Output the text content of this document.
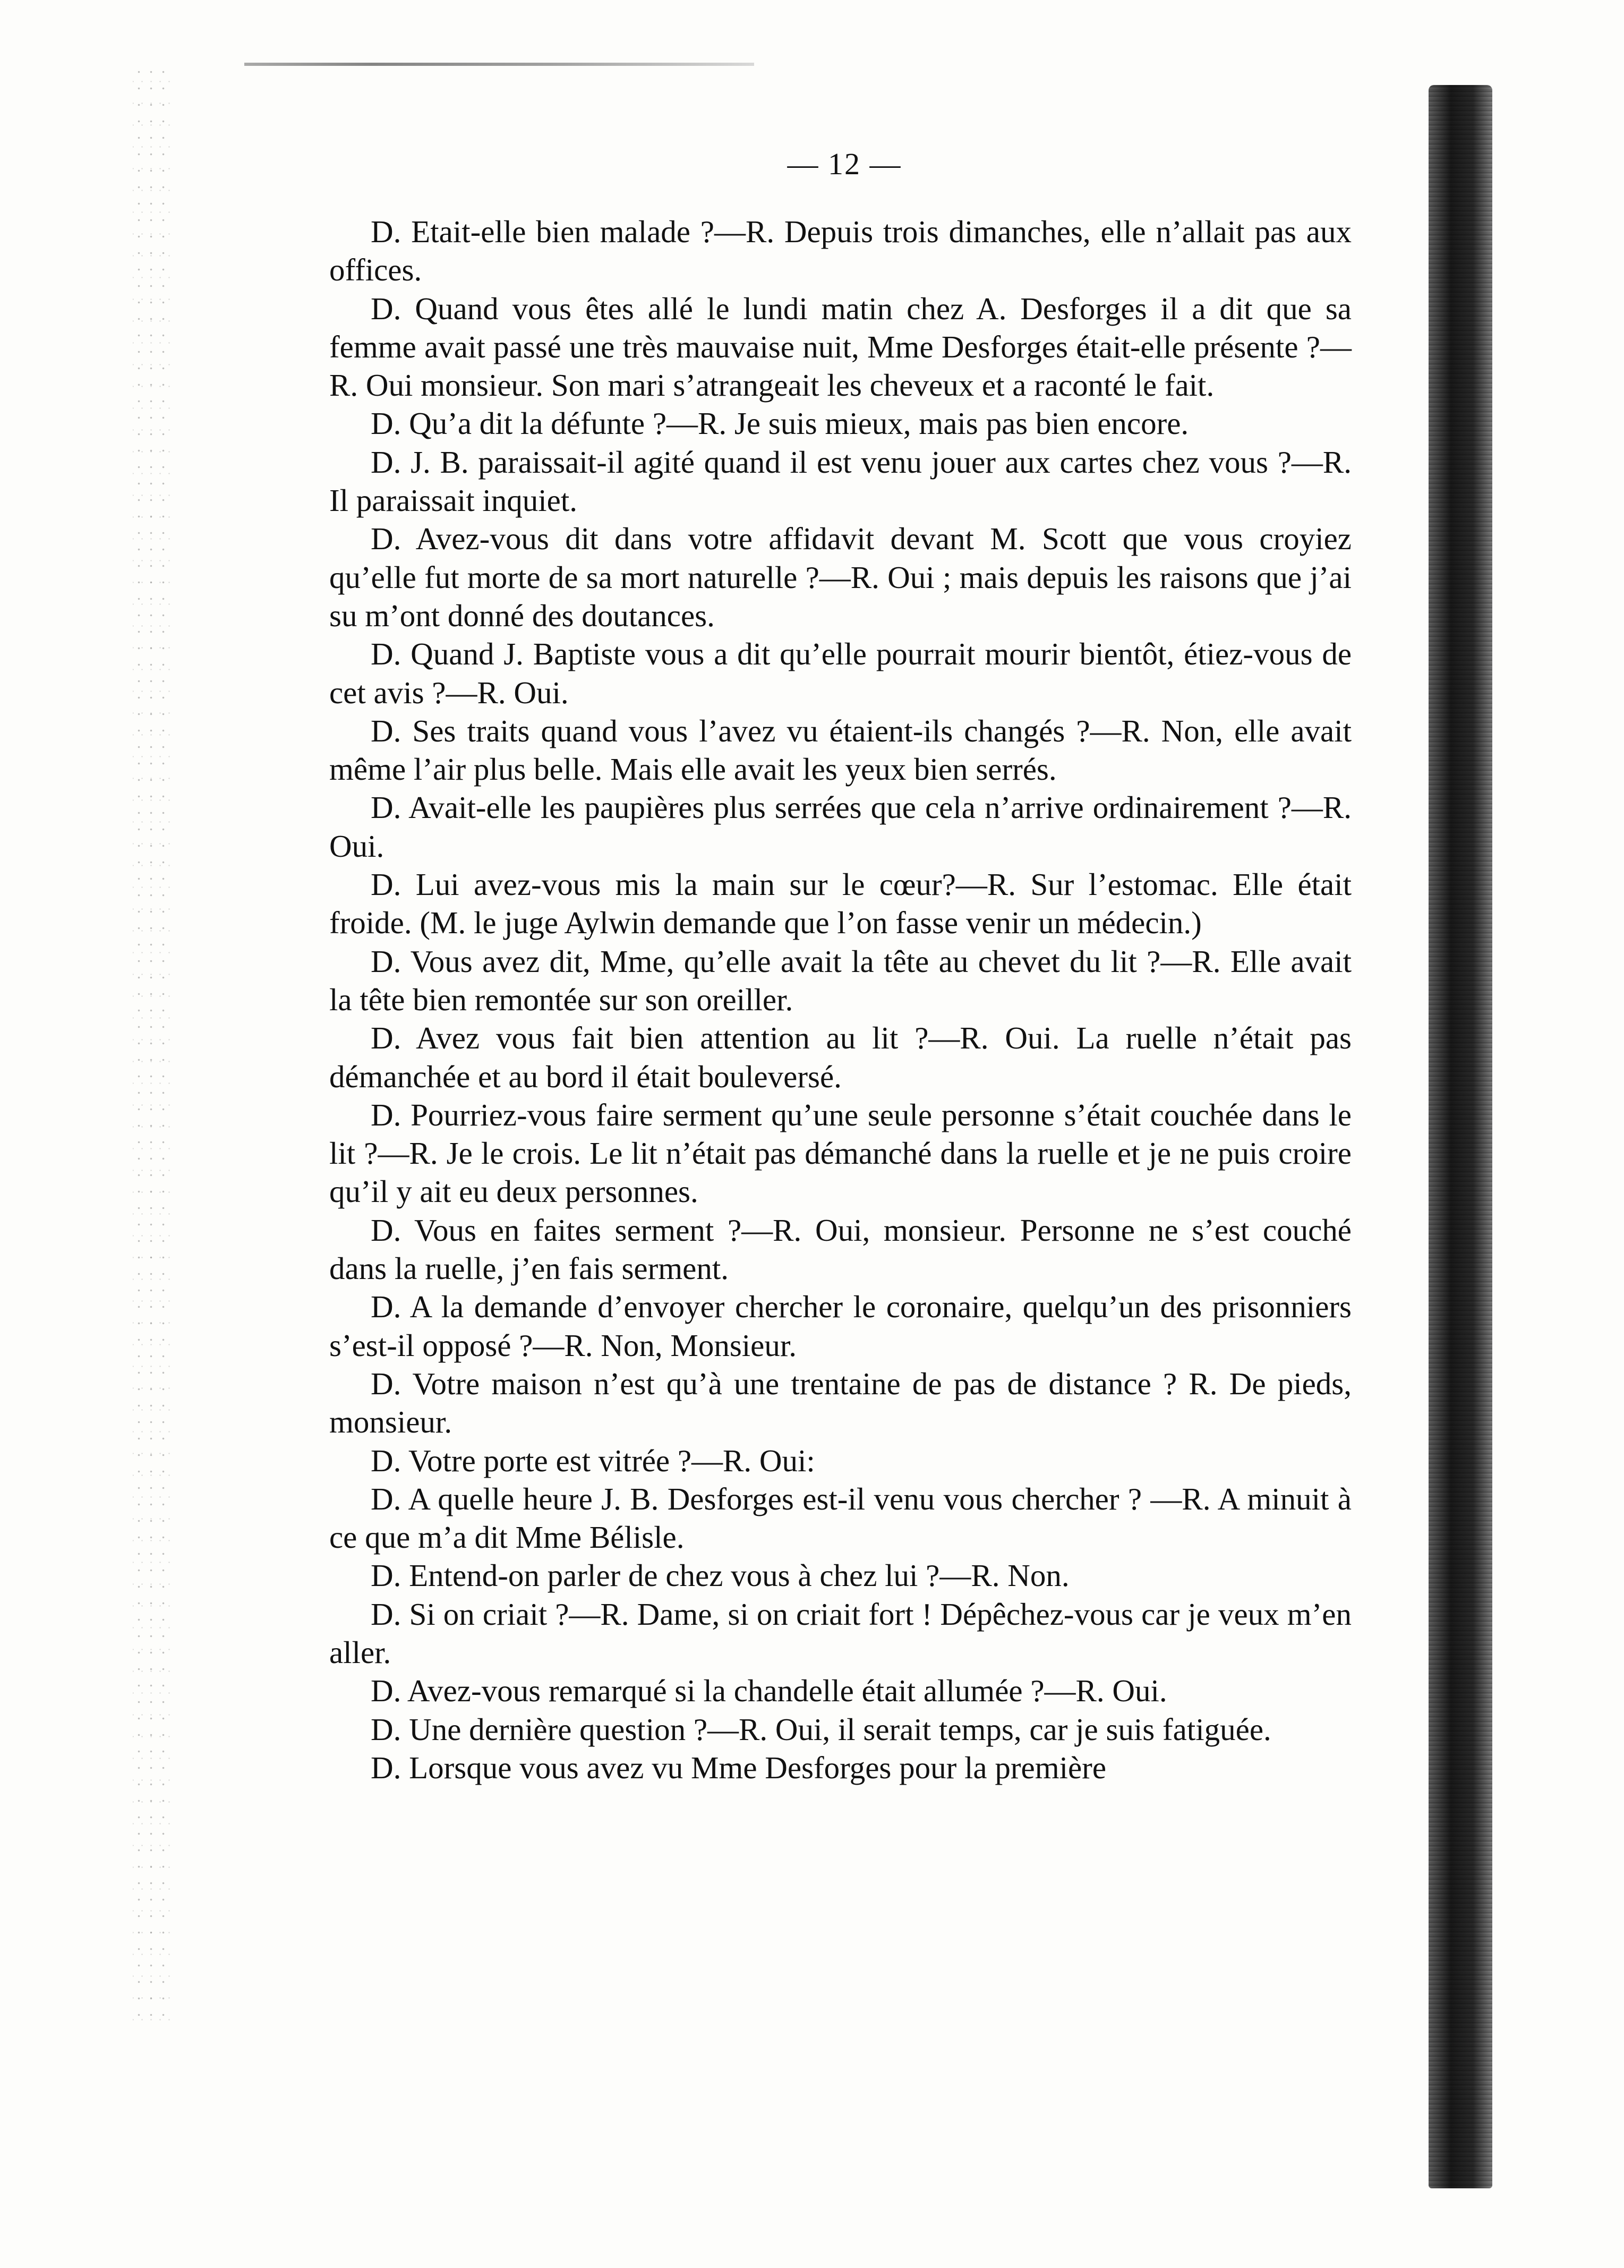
— 12 —

D. Etait-elle bien malade ?—R. Depuis trois dimanches, elle n’allait pas aux offices.

D. Quand vous êtes allé le lundi matin chez A. Desforges il a dit que sa femme avait passé une très mauvaise nuit, Mme Desforges était-elle présente ?—R. Oui monsieur. Son mari s’atrangeait les cheveux et a raconté le fait.

D. Qu’a dit la défunte ?—R. Je suis mieux, mais pas bien encore.

D. J. B. paraissait-il agité quand il est venu jouer aux cartes chez vous ?—R. Il paraissait inquiet.

D. Avez-vous dit dans votre affidavit devant M. Scott que vous croyiez qu’elle fut morte de sa mort naturelle ?—R. Oui ; mais depuis les raisons que j’ai su m’ont donné des doutances.

D. Quand J. Baptiste vous a dit qu’elle pourrait mourir bientôt, étiez-vous de cet avis ?—R. Oui.

D. Ses traits quand vous l’avez vu étaient-ils changés ?—R. Non, elle avait même l’air plus belle. Mais elle avait les yeux bien serrés.

D. Avait-elle les paupières plus serrées que cela n’arrive ordinairement ?—R. Oui.

D. Lui avez-vous mis la main sur le cœur?—R. Sur l’estomac. Elle était froide. (M. le juge Aylwin demande que l’on fasse venir un médecin.)

D. Vous avez dit, Mme, qu’elle avait la tête au chevet du lit ?—R. Elle avait la tête bien remontée sur son oreiller.

D. Avez vous fait bien attention au lit ?—R. Oui. La ruelle n’était pas démanchée et au bord il était bouleversé.

D. Pourriez-vous faire serment qu’une seule personne s’était couchée dans le lit ?—R. Je le crois. Le lit n’était pas démanché dans la ruelle et je ne puis croire qu’il y ait eu deux personnes.

D. Vous en faites serment ?—R. Oui, monsieur. Personne ne s’est couché dans la ruelle, j’en fais serment.

D. A la demande d’envoyer chercher le coronaire, quelqu’un des prisonniers s’est-il opposé ?—R. Non, Monsieur.

D. Votre maison n’est qu’à une trentaine de pas de distance ? R. De pieds, monsieur.

D. Votre porte est vitrée ?—R. Oui:

D. A quelle heure J. B. Desforges est-il venu vous chercher ? —R. A minuit à ce que m’a dit Mme Bélisle.

D. Entend-on parler de chez vous à chez lui ?—R. Non.

D. Si on criait ?—R. Dame, si on criait fort ! Dépêchez-vous car je veux m’en aller.

D. Avez-vous remarqué si la chandelle était allumée ?—R. Oui.

D. Une dernière question ?—R. Oui, il serait temps, car je suis fatiguée.

D. Lorsque vous avez vu Mme Desforges pour la première
